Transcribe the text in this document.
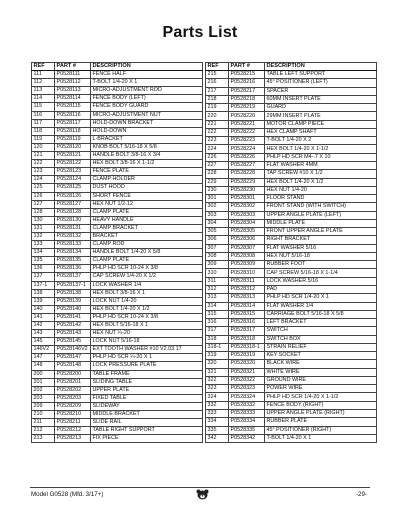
Parts List
REF	PART #	DESCRIPTION
111	P0528111	FENCE HALF
112	P0528112	T-BOLT 1/4-20 X 1
113	P0528113	MICRO-ADJUSTMENT ROD
114	P0528114	FENCE BODY (LEFT)
115	P0528115	FENCE BODY GUARD
116	P0528116	MICRO-ADJUSTMENT NUT
117	P0528117	HOLD-DOWN BRACKET
118	P0528118	HOLD-DOWN
119	P0528119	L-BRACKET
120	P0528120	KNOB BOLT 5/16-18 X 5/8
121	P0528121	HANDLE BOLT 3/8-16 X 3/4
122	P0528122	HEX BOLT 3/8-16 X 1-1/2
123	P0528123	FENCE PLATE
124	P0528124	CLAMP HOLDER
125	P0528125	DUST HOOD
126	P0528126	SHORT FENCE
127	P0528127	HEX NUT 1/2-12
128	P0528128	CLAMP PLATE
130	P0528130	HEAVY HANDLE
131	P0528131	CLAMP BRACKET
132	P0528132	BRACKET
133	P0528133	CLAMP ROD
134	P0528134	HANDLE BOLT 1/4-20 X 5/8
135	P0528135	CLAMP PLATE
136	P0528136	PHLP HD SCR 10-24 X 3/8
137	P0528137	CAP SCREW 1/4-20 X 1/2
137-1	P0528137-1	LOCK WASHER 1/4
138	P0528138	HEX BOLT 3/8-16 X 1
139	P0528139	LOCK NUT 1/4-20
140	P0528140	HEX BOLT 1/4-20 X 1/2
141	P0528141	PHLP HD SCR 10-24 X 3/8
142	P0528142	HEX BOLT 5/16-18 X 1
143	P0528143	HEX NUT ¼-20
145	P0528145	LOCK NUT 5/16-18
146V2	P0528146V2	EXT TOOTH WASHER #10 V2.03.17
147	P0528147	PHLP HD SCR ¼-20 X 1
148	P0528148	LOCK PRESSURE PLATE
200	P0528200	TABLE FRAME
201	P0528201	SLIDING TABLE
202	P0528202	UPPER PLATE
203	P0528203	FIXED TABLE
209	P0528209	SLIDEWAY
210	P0528210	MIDDLE BRACKET
211	P0528211	SLIDE RAIL
212	P0528212	TABLE RIGHT SUPPORT
213	P0528213	FIX PIECE
REF	PART #	DESCRIPTION
215	P0528215	TABLE LEFT SUPPORT
216	P0528216	45° POSITIONER (LEFT)
217	P0528217	SPACER
218	P0528218	60MM INSERT PLATE
219	P0528219	GUARD
220	P0528220	29MM INSERT PLATE
221	P0528221	MOTOR CLAMP PIECE
222	P0528222	HEX CLAMP SHAFT
223	P0528223	T-BOLT 1/4-20 X 2
224	P0528224	HEX BOLT 1/4-20 X 1-1/2
226	P0528226	PHLP HD SCR M4-.7 X 10
227	P0528227	FLAT WASHER 4MM
228	P0528228	TAP SCREW #10 X 1/2
229	P0528229	HEX BOLT 1/4-20 X 1/2
230	P0528230	HEX NUT 1/4-20
301	P0528301	FLOOR STAND
302	P0528302	FRONT STAND (WITH SWITCH)
303	P0528303	UPPER ANGLE PLATE (LEFT)
304	P0528304	MIDDLE PLATE
305	P0528305	FRONT UPPER ANGLE PLATE
306	P0528306	RIGHT BRACKET
307	P0528307	FLAT WASHER 5/16
308	P0528308	HEX NUT 5/16-18
309	P0528309	RUBBER FOOT
310	P0528310	CAP SCREW 5/16-18 X 1-1/4
311	P0528311	LOCK WASHER 5/16
312	P0528312	PAD
313	P0528313	PHLP HD SCR 1/4-20 X 1
314	P0528314	FLAT WASHER 1/4
315	P0528315	CARRIAGE BOLT 5/16-18 X 5/8
316	P0528316	LEFT BRACKET
317	P0528317	SWITCH
318	P0528318	SWITCH BOX
318-1	P0528318-1	STRAIN RELIEF
319	P0528319	KEY SOCKET
320	P0528320	BLACK WIRE
321	P0528321	WHITE WIRE
322	P0528322	GROUND WIRE
323	P0528323	POWER WIRE
324	P0528324	PHLP HD SCR 1/4-20 X 1-1/2
332	P0528332	FENCE BODY (RIGHT)
333	P0528333	UPPER ANGLE PLATE (RIGHT)
334	P0528334	RUBBER PLATE
335	P0528335	45° POSITIONER (RIGHT)
342	P0528342	T-BOLT 1/4-20 X 1
Model G0528 (Mfd. 3/17+)	-29-
